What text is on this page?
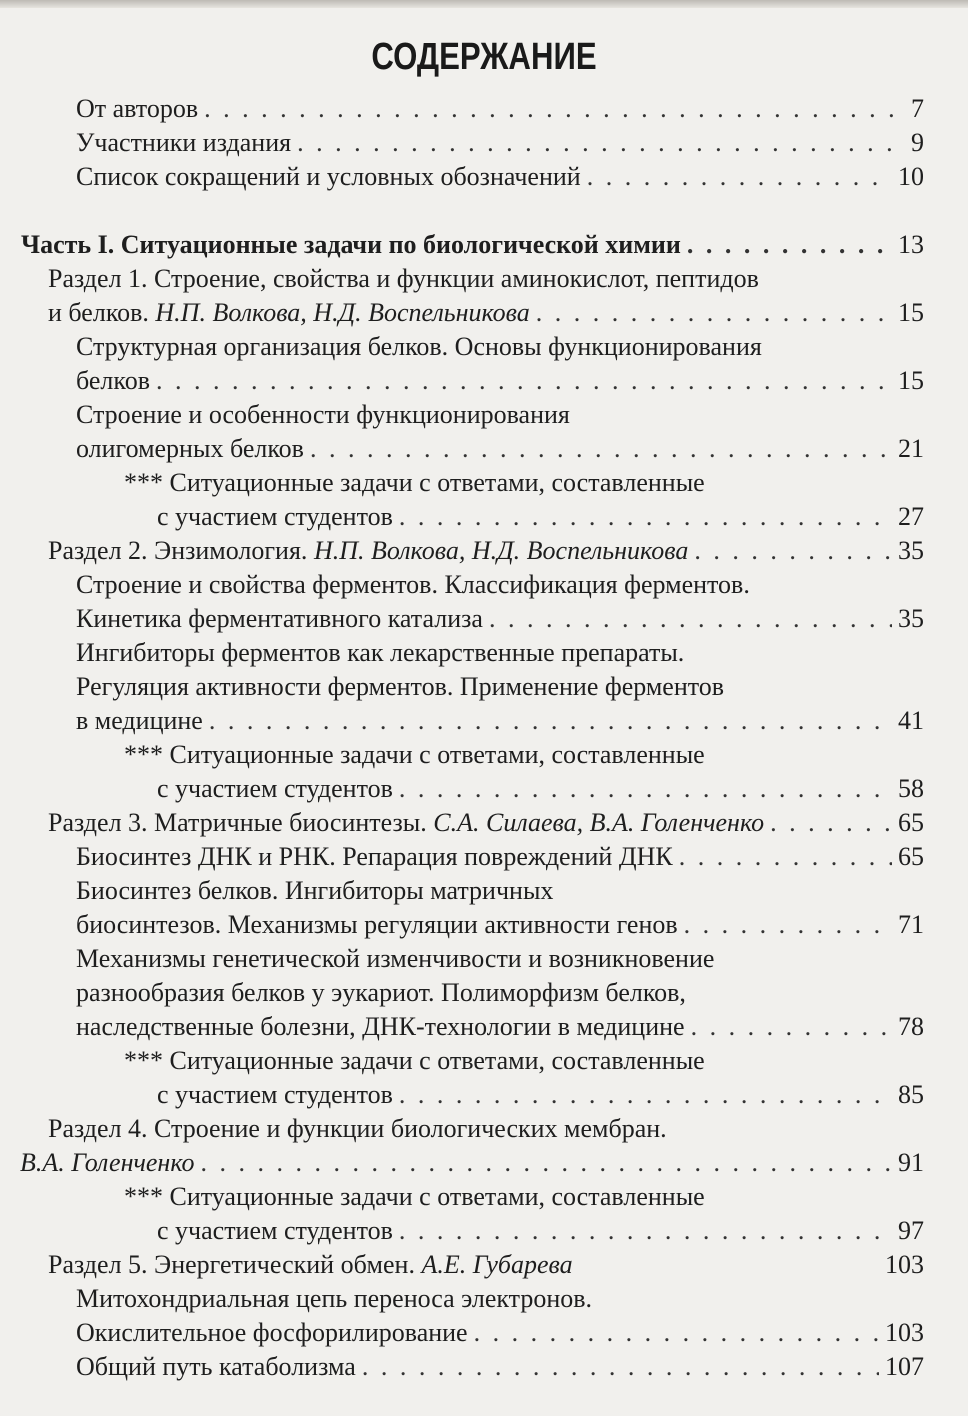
СОДЕРЖАНИЕ
От авторов . . .	7
Участники издания . . .	9
Список сокращений и условных обозначений . . .	10
Часть I. Ситуационные задачи по биологической химии . . .	13
Раздел 1. Строение, свойства и функции аминокислот, пептидов
и белков. Н.П. Волкова, Н.Д. Воспельникова . . .	15
Структурная организация белков. Основы функционирования
белков . . .	15
Строение и особенности функционирования
олигомерных белков . . .	21
*** Ситуационные задачи с ответами, составленные
с участием студентов . . .	27
Раздел 2. Энзимология. Н.П. Волкова, Н.Д. Воспельникова . . .	35
Строение и свойства ферментов. Классификация ферментов.
Кинетика ферментативного катализа . . .	35
Ингибиторы ферментов как лекарственные препараты.
Регуляция активности ферментов. Применение ферментов
в медицине . . .	41
*** Ситуационные задачи с ответами, составленные
с участием студентов . . .	58
Раздел 3. Матричные биосинтезы. С.А. Силаева, В.А. Голенченко . . .	65
Биосинтез ДНК и РНК. Репарация повреждений ДНК . . .	65
Биосинтез белков. Ингибиторы матричных
биосинтезов. Механизмы регуляции активности генов . . .	71
Механизмы генетической изменчивости и возникновение
разнообразия белков у эукариот. Полиморфизм белков,
наследственные болезни, ДНК-технологии в медицине . . .	78
*** Ситуационные задачи с ответами, составленные
с участием студентов . . .	85
Раздел 4. Строение и функции биологических мембран.
В.А. Голенченко . . .	91
*** Ситуационные задачи с ответами, составленные
с участием студентов . . .	97
Раздел 5. Энергетический обмен. А.Е. Губарева	103
Митохондриальная цепь переноса электронов.
Окислительное фосфорилирование . . .	103
Общий путь катаболизма . . .	107
